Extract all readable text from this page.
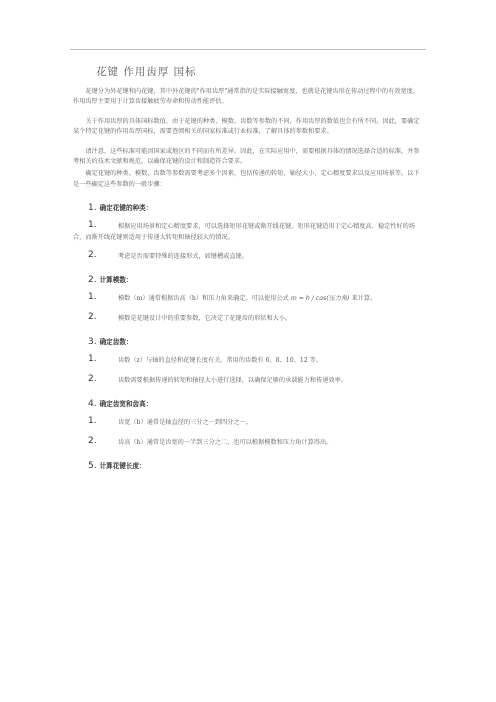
花键 作用齿厚 国标

花键分为外花键和内花键，其中外花键的"作用齿厚"通常指的是实际接触宽度，也就是花键齿形在传动过程中的有效宽度。作用齿厚主要用于计算齿接触疲劳寿命和传动性能评估。

关于作用齿厚的具体国标数值，由于花键的种类、模数、齿数等参数的不同，作用齿厚的数值也会有所不同。因此，要确定某个特定花键的作用齿厚国标，需要查阅相关的国家标准或行业标准，了解具体的参数和要求。

请注意，这些标准可能因国家或地区的不同而有所差异。因此，在实际应用中，需要根据具体的情况选择合适的标准，并参考相关的技术文献和规范，以确保花键的设计和制造符合要求。

确定花键的种类、模数、齿数等参数需要考虑多个因素，包括传递的转矩、轴径大小、定心精度要求以及应用场景等。以下是一些确定这些参数的一般步骤：

1. 确定花键的种类：
1.	根据应用场景和定心精度要求，可以选择矩形花键或渐开线花键。矩形花键适用于定心精度高、稳定性好的场合，而渐开线花键则适用于传递大转矩和轴径较大的情况。
2.	考虑是否需要特殊的连接形式，如键槽或直键。
2. 计算模数：
1.	模数（m）通常根据齿高（h）和压力角来确定。可以使用公式 m = h / cos(压力角) 来计算。
2.	模数是花键设计中的重要参数，它决定了花键齿的形状和大小。
3. 确定齿数：
1.	齿数（z）与轴的直径和花键长度有关。常用的齿数有 6、8、10、12 等。
2.	齿数需要根据传递的转矩和轴径大小进行选择，以确保足够的承载能力和传递效率。
4. 确定齿宽和齿高：
1.	齿宽（b）通常是轴直径的三分之一到四分之一。
2.	齿高（h）通常是齿宽的一半到三分之二，也可以根据模数和压力角计算得出。
5. 计算花键长度：
